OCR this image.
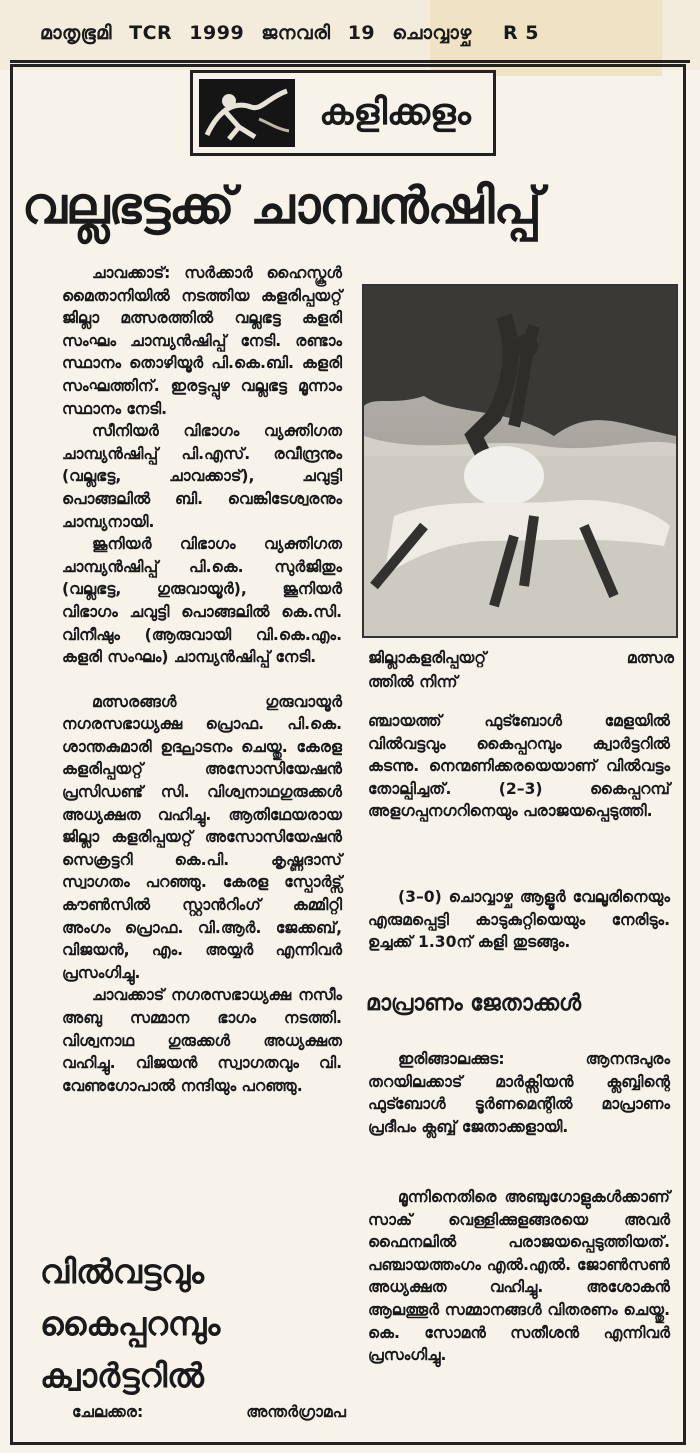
മാതൃഭൂമി TCR 1999 ജനവരി 19 ചൊവ്വാഴ്ച R 5
കളിക്കളം
വല്ലഭട്ടക്ക് ചാമ്പൻഷിപ്പ്

ചാവക്കാട്: സർക്കാർ ഹൈസ്കൂൾ മൈതാനിയിൽ നടത്തിയ കളരിപ്പയറ്റ് ജില്ലാ മത്സരത്തിൽ വല്ലഭട്ട കളരി സംഘം ചാമ്പ്യൻഷിപ്പ് നേടി. രണ്ടാം സ്ഥാനം തൊഴിയൂർ പി.കെ.ബി. കളരി സംഘത്തിന്. ഇരട്ടപ്പുഴ വല്ലഭട്ട മൂന്നാം സ്ഥാനം നേടി.

സീനിയർ വിഭാഗം വ്യക്തിഗത ചാമ്പ്യൻഷിപ്പ് പി.എസ്. രവീന്ദ്രനും (വല്ലഭട്ട, ചാവക്കാട്), ചവുട്ടി പൊങ്ങലിൽ ബി. വെങ്കിടേശ്വരനും ചാമ്പ്യനായി.

ജൂനിയർ വിഭാഗം വ്യക്തിഗത ചാമ്പ്യൻഷിപ്പ് പി.കെ. സുർജിതും (വല്ലഭട്ട, ഗുരുവായൂർ), ജൂനിയർ വിഭാഗം ചവുട്ടി പൊങ്ങലിൽ കെ.സി. വിനീഷും (ആരുവായി വി.കെ.എം. കളരി സംഘം) ചാമ്പ്യൻഷിപ്പ് നേടി.

മത്സരങ്ങൾ ഗുരുവായൂർ നഗരസഭാധ്യക്ഷ പ്രൊഫ. പി.കെ. ശാന്തകുമാരി ഉദ്ഘാടനം ചെയ്തു. കേരള കളരിപ്പയറ്റ് അസോസിയേഷൻ പ്രസിഡണ്ട് സി. വിശ്വനാഥഗുരുക്കൾ അധ്യക്ഷത വഹിച്ചു. ആതിഥേയരായ ജില്ലാ കളരിപ്പയറ്റ് അസോസിയേഷൻ സെക്രട്ടറി കെ.പി. കൃഷ്ണദാസ് സ്വാഗതം പറഞ്ഞു. കേരള സ്പോർട്സ് കൗൺസിൽ സ്റ്റാൻറിംഗ് കമ്മിറ്റി അംഗം പ്രൊഫ. വി.ആർ. ജേക്കബ്, വിജയൻ, എം. അയ്യർ എന്നിവർ പ്രസംഗിച്ചു.

ചാവക്കാട് നഗരസഭാധ്യക്ഷ നസീം അബു സമ്മാന ഭാഗം നടത്തി. വിശ്വനാഥ ഗുരുക്കൾ അധ്യക്ഷത വഹിച്ചു. വിജയൻ സ്വാഗതവും വി. വേണുഗോപാൽ നന്ദിയും പറഞ്ഞു.

വിൽവട്ടവും കൈപ്പറമ്പും ക്വാർട്ടറിൽ
ചേലക്കര:	അന്തർഗ്രാമപ
ജില്ലാകളരിപ്പയറ്റ് മത്സര
ത്തിൽ നിന്ന്

ഞ്ചായത്ത് ഫുട്ബോൾ മേളയിൽ വിൽവട്ടവും കൈപ്പറമ്പും ക്വാർട്ടറിൽ കടന്നു. നെന്മണിക്കരയെയാണ് വിൽവട്ടം തോല്പിച്ചത്. (2–3) കൈപ്പറമ്പ് അളഗപ്പനഗറിനെയും പരാജയപ്പെടുത്തി.

(3–0) ചൊവ്വാഴ്ച ആളൂർ വേലൂരിനെയും എരുമപ്പെട്ടി കാടുകുറ്റിയെയും നേരിടും. ഉച്ചക്ക് 1.30ന് കളി തുടങ്ങും.

മാപ്രാണം ജേതാക്കൾ

ഇരിങ്ങാലക്കുട: ആനന്ദപുരം തറയിലക്കാട് മാർക്സിയൻ ക്ലബ്ബിന്റെ ഫുട്ബോൾ ടൂർണമെന്റിൽ മാപ്രാണം പ്രദീപം ക്ലബ്ബ് ജേതാക്കളായി.

മൂന്നിനെതിരെ അഞ്ചുഗോളുകൾക്കാണ് സാക് വെള്ളിക്കുളങ്ങരയെ അവർ ഫൈനലിൽ പരാജയപ്പെടുത്തിയത്. പഞ്ചായത്തംഗം എൽ.എൽ. ജോൺസൺ അധ്യക്ഷത വഹിച്ചു. അശോകൻ ആലത്തൂർ സമ്മാനങ്ങൾ വിതരണം ചെയ്തു. കെ. സോമൻ സതീശൻ എന്നിവർ പ്രസംഗിച്ചു.
